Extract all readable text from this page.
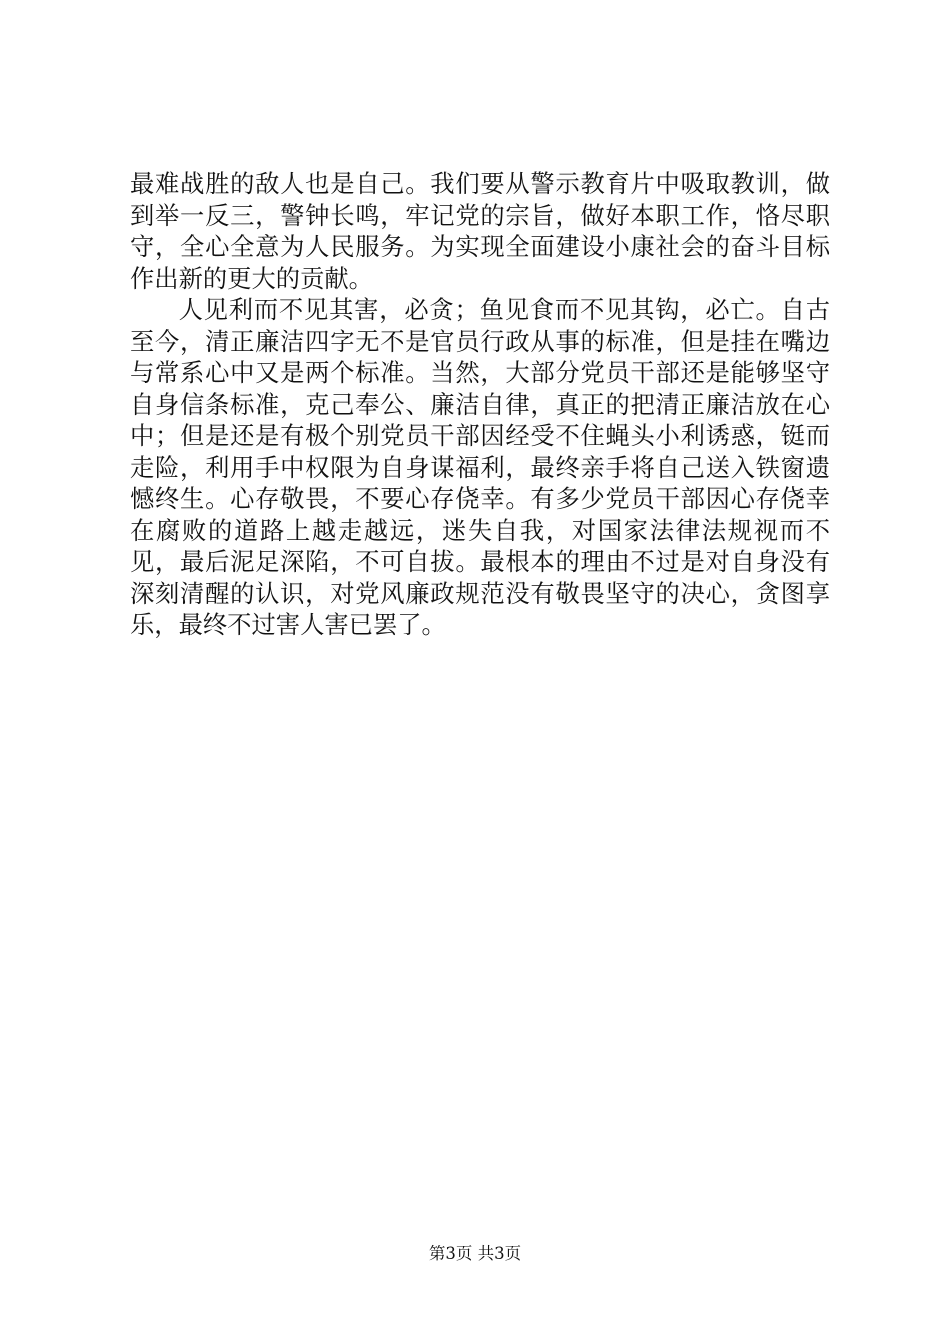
最难战胜的敌人也是自己。我们要从警示教育片中吸取教训，做到举一反三，警钟长鸣，牢记党的宗旨，做好本职工作，恪尽职守，全心全意为人民服务。为实现全面建设小康社会的奋斗目标作出新的更大的贡献。

人见利而不见其害，必贪；鱼见食而不见其钩，必亡。自古至今，清正廉洁四字无不是官员行政从事的标准，但是挂在嘴边与常系心中又是两个标准。当然，大部分党员干部还是能够坚守自身信条标准，克己奉公、廉洁自律，真正的把清正廉洁放在心中；但是还是有极个别党员干部因经受不住蝇头小利诱惑，铤而走险，利用手中权限为自身谋福利，最终亲手将自己送入铁窗遗憾终生。心存敬畏，不要心存侥幸。有多少党员干部因心存侥幸在腐败的道路上越走越远，迷失自我，对国家法律法规视而不见，最后泥足深陷，不可自拔。最根本的理由不过是对自身没有深刻清醒的认识，对党风廉政规范没有敬畏坚守的决心，贪图享乐，最终不过害人害已罢了。

第3页 共3页
